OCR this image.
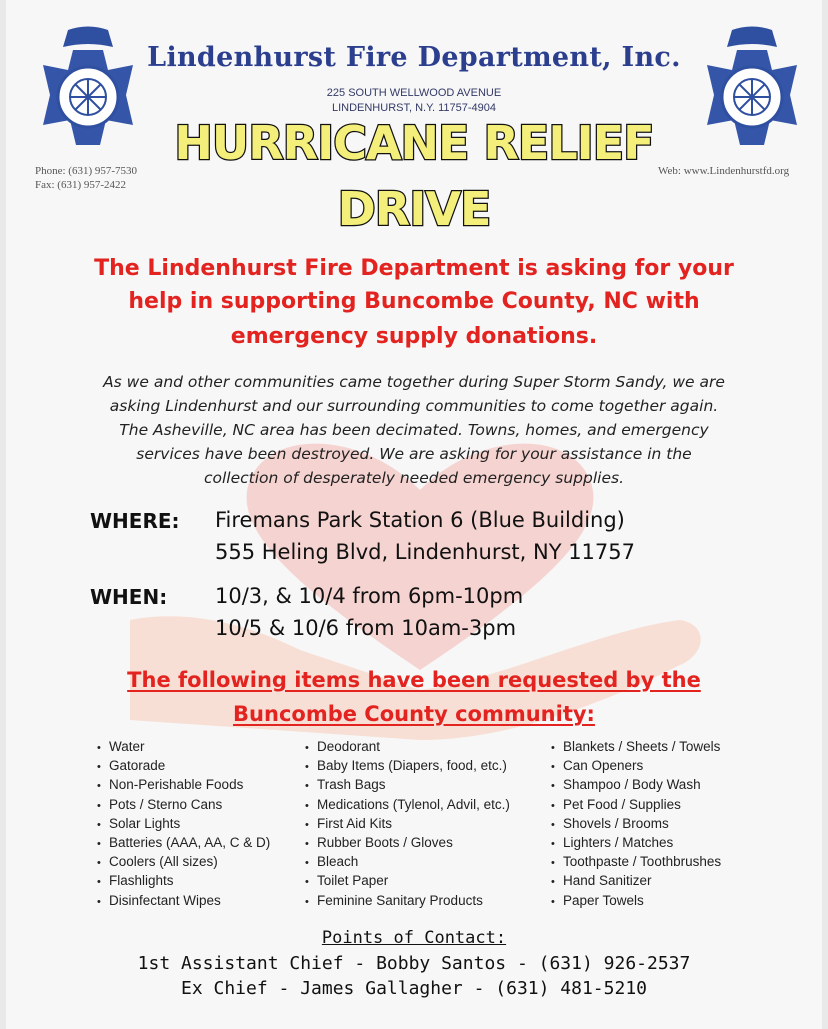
Lindenhurst Fire Department, Inc.
225 SOUTH WELLWOOD AVENUE
LINDENHURST, N.Y. 11757-4904
Phone: (631) 957-7530
Fax: (631) 957-2422
Web: www.Lindenhurstfd.org
HURRICANE RELIEF
DRIVE
The Lindenhurst Fire Department is asking for your
help in supporting Buncombe County, NC with
emergency supply donations.
As we and other communities came together during Super Storm Sandy, we are
asking Lindenhurst and our surrounding communities to come together again.
The Asheville, NC area has been decimated. Towns, homes, and emergency
services have been destroyed. We are asking for your assistance in the
collection of desperately needed emergency supplies.
WHERE: Firemans Park Station 6 (Blue Building)
555 Heling Blvd, Lindenhurst, NY 11757
WHEN: 10/3, & 10/4 from 6pm-10pm
10/5 & 10/6 from 10am-3pm
The following items have been requested by the
Buncombe County community:
• Water
• Gatorade
• Non-Perishable Foods
• Pots / Sterno Cans
• Solar Lights
• Batteries (AAA, AA, C & D)
• Coolers (All sizes)
• Flashlights
• Disinfectant Wipes
• Deodorant
• Baby Items (Diapers, food, etc.)
• Trash Bags
• Medications (Tylenol, Advil, etc.)
• First Aid Kits
• Rubber Boots / Gloves
• Bleach
• Toilet Paper
• Feminine Sanitary Products
• Blankets / Sheets / Towels
• Can Openers
• Shampoo / Body Wash
• Pet Food / Supplies
• Shovels / Brooms
• Lighters / Matches
• Toothpaste / Toothbrushes
• Hand Sanitizer
• Paper Towels
Points of Contact:
1st Assistant Chief - Bobby Santos - (631) 926-2537
Ex Chief - James Gallagher - (631) 481-5210
